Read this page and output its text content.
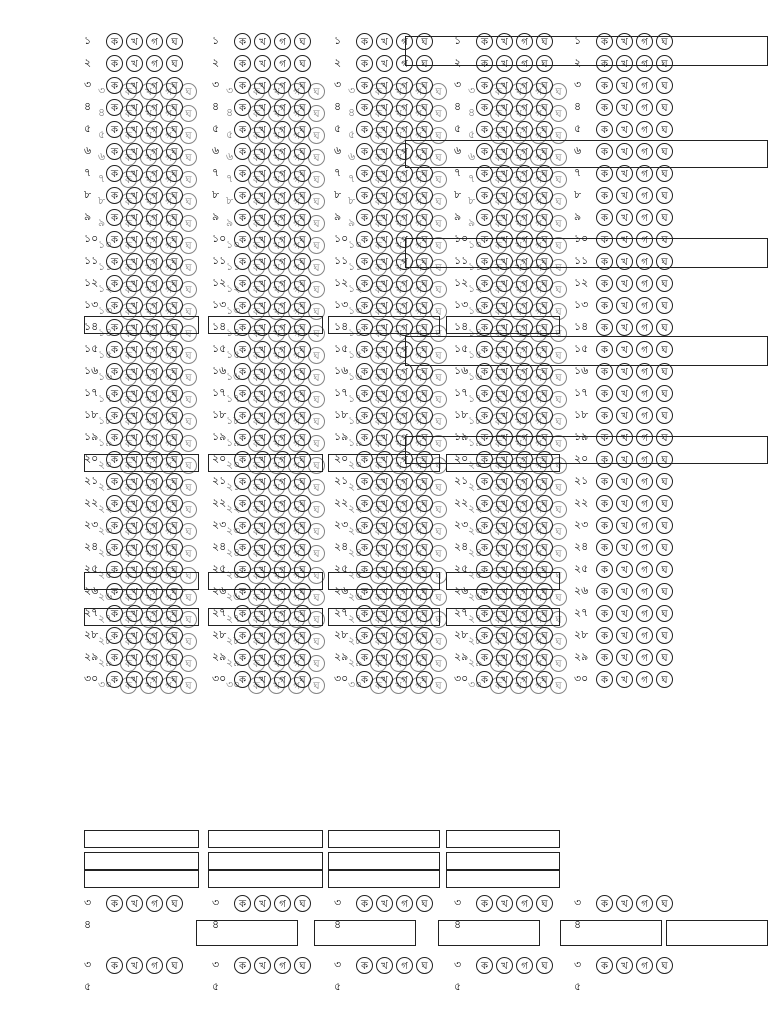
১	ক	খ	গ	ঘ	১	ক	খ	গ	ঘ	১	ক	খ	গ	ঘ	১	ক	খ	গ	ঘ	১	ক	খ	গ	ঘ
২	ক	খ	গ	ঘ	২	ক	খ	গ	ঘ	২	ক	খ	গ	ঘ	২	ক	খ	গ	ঘ	২	ক	খ	গ	ঘ
৩	ক	খ	গ	ঘ	৩	ক	খ	গ	ঘ	৩	ক	খ	গ	ঘ	৩	ক	খ	গ	ঘ	৩	ক	খ	গ	ঘ
৪	ক	খ	গ	ঘ	৪	ক	খ	গ	ঘ	৪	ক	খ	গ	ঘ	৪	ক	খ	গ	ঘ	৪	ক	খ	গ	ঘ
৫	ক	খ	গ	ঘ	৫	ক	খ	গ	ঘ	৫	ক	খ	গ	ঘ	৫	ক	খ	গ	ঘ	৫	ক	খ	গ	ঘ
৬	ক	খ	গ	ঘ	৬	ক	খ	গ	ঘ	৬	ক	খ	গ	ঘ	৬	ক	খ	গ	ঘ	৬	ক	খ	গ	ঘ
৭	ক	খ	গ	ঘ	৭	ক	খ	গ	ঘ	৭	ক	খ	গ	ঘ	৭	ক	খ	গ	ঘ	৭	ক	খ	গ	ঘ
৮	ক	খ	গ	ঘ	৮	ক	খ	গ	ঘ	৮	ক	খ	গ	ঘ	৮	ক	খ	গ	ঘ	৮	ক	খ	গ	ঘ
৯	ক	খ	গ	ঘ	৯	ক	খ	গ	ঘ	৯	ক	খ	গ	ঘ	৯	ক	খ	গ	ঘ	৯	ক	খ	গ	ঘ
১০	ক	খ	গ	ঘ	১০	ক	খ	গ	ঘ	১০	ক	খ	গ	ঘ	১০	ক	খ	গ	ঘ	১০	ক	খ	গ	ঘ
১১	ক	খ	গ	ঘ	১১	ক	খ	গ	ঘ	১১	ক	খ	গ	ঘ	১১	ক	খ	গ	ঘ	১১	ক	খ	গ	ঘ
১২	ক	খ	গ	ঘ	১২	ক	খ	গ	ঘ	১২	ক	খ	গ	ঘ	১২	ক	খ	গ	ঘ	১২	ক	খ	গ	ঘ
১৩	ক	খ	গ	ঘ	১৩	ক	খ	গ	ঘ	১৩	ক	খ	গ	ঘ	১৩	ক	খ	গ	ঘ	১৩	ক	খ	গ	ঘ
১৪	ক	খ	গ	ঘ	১৪	ক	খ	গ	ঘ	১৪	ক	খ	গ	ঘ	১৪	ক	খ	গ	ঘ	১৪	ক	খ	গ	ঘ
১৫	ক	খ	গ	ঘ	১৫	ক	খ	গ	ঘ	১৫	ক	খ	গ	ঘ	১৫	ক	খ	গ	ঘ	১৫	ক	খ	গ	ঘ
১৬	ক	খ	গ	ঘ	১৬	ক	খ	গ	ঘ	১৬	ক	খ	গ	ঘ	১৬	ক	খ	গ	ঘ	১৬	ক	খ	গ	ঘ
১৭	ক	খ	গ	ঘ	১৭	ক	খ	গ	ঘ	১৭	ক	খ	গ	ঘ	১৭	ক	খ	গ	ঘ	১৭	ক	খ	গ	ঘ
১৮	ক	খ	গ	ঘ	১৮	ক	খ	গ	ঘ	১৮	ক	খ	গ	ঘ	১৮	ক	খ	গ	ঘ	১৮	ক	খ	গ	ঘ
১৯	ক	খ	গ	ঘ	১৯	ক	খ	গ	ঘ	১৯	ক	খ	গ	ঘ	১৯	ক	খ	গ	ঘ	১৯	ক	খ	গ	ঘ
২০	ক	খ	গ	ঘ	২০	ক	খ	গ	ঘ	২০	ক	খ	গ	ঘ	২০	ক	খ	গ	ঘ	২০	ক	খ	গ	ঘ
২১	ক	খ	গ	ঘ	২১	ক	খ	গ	ঘ	২১	ক	খ	গ	ঘ	২১	ক	খ	গ	ঘ	২১	ক	খ	গ	ঘ
২২	ক	খ	গ	ঘ	২২	ক	খ	গ	ঘ	২২	ক	খ	গ	ঘ	২২	ক	খ	গ	ঘ	২২	ক	খ	গ	ঘ
২৩	ক	খ	গ	ঘ	২৩	ক	খ	গ	ঘ	২৩	ক	খ	গ	ঘ	২৩	ক	খ	গ	ঘ	২৩	ক	খ	গ	ঘ
২৪	ক	খ	গ	ঘ	২৪	ক	খ	গ	ঘ	২৪	ক	খ	গ	ঘ	২৪	ক	খ	গ	ঘ	২৪	ক	খ	গ	ঘ
২৫	ক	খ	গ	ঘ	২৫	ক	খ	গ	ঘ	২৫	ক	খ	গ	ঘ	২৫	ক	খ	গ	ঘ	২৫	ক	খ	গ	ঘ
২৬	ক	খ	গ	ঘ	২৬	ক	খ	গ	ঘ	২৬	ক	খ	গ	ঘ	২৬	ক	খ	গ	ঘ	২৬	ক	খ	গ	ঘ
২৭	ক	খ	গ	ঘ	২৭	ক	খ	গ	ঘ	২৭	ক	খ	গ	ঘ	২৭	ক	খ	গ	ঘ	২৭	ক	খ	গ	ঘ
২৮	ক	খ	গ	ঘ	২৮	ক	খ	গ	ঘ	২৮	ক	খ	গ	ঘ	২৮	ক	খ	গ	ঘ	২৮	ক	খ	গ	ঘ
২৯	ক	খ	গ	ঘ	২৯	ক	খ	গ	ঘ	২৯	ক	খ	গ	ঘ	২৯	ক	খ	গ	ঘ	২৯	ক	খ	গ	ঘ
৩০	ক	খ	গ	ঘ	৩০	ক	খ	গ	ঘ	৩০	ক	খ	গ	ঘ	৩০	ক	খ	গ	ঘ	৩০	ক	খ	গ	ঘ
৩	ক	খ	গ	ঘ	৩	ক	খ	গ	ঘ	৩	ক	খ	গ	ঘ	৩	ক	খ	গ	ঘ
৪	ক	খ	গ	ঘ	৪	ক	খ	গ	ঘ	৪	ক	খ	গ	ঘ	৪	ক	খ	গ	ঘ
৫	ক	খ	গ	ঘ	৫	ক	খ	গ	ঘ	৫	ক	খ	গ	ঘ	৫	ক	খ	গ	ঘ
৬	ক	খ	গ	ঘ	৬	ক	খ	গ	ঘ	৬	ক	খ	গ	ঘ	৬	ক	খ	গ	ঘ
৭	ক	খ	গ	ঘ	৭	ক	খ	গ	ঘ	৭	ক	খ	গ	ঘ	৭	ক	খ	গ	ঘ
৮	ক	খ	গ	ঘ	৮	ক	খ	গ	ঘ	৮	ক	খ	গ	ঘ	৮	ক	খ	গ	ঘ
৯	ক	খ	গ	ঘ	৯	ক	খ	গ	ঘ	৯	ক	খ	গ	ঘ	৯	ক	খ	গ	ঘ
১০	ক	খ	গ	ঘ	১০	ক	খ	গ	ঘ	১০	ক	খ	গ	ঘ	১০	ক	খ	গ	ঘ
১১	ক	খ	গ	ঘ	১১	ক	খ	গ	ঘ	১১	ক	খ	গ	ঘ	১১	ক	খ	গ	ঘ
১২	ক	খ	গ	ঘ	১২	ক	খ	গ	ঘ	১২	ক	খ	গ	ঘ	১২	ক	খ	গ	ঘ
১৩	ক	খ	গ	ঘ	১৩	ক	খ	গ	ঘ	১৩	ক	খ	গ	ঘ	১৩	ক	খ	গ	ঘ
১৪	ক	খ	গ	ঘ	১৪	ক	খ	গ	ঘ	১৪	ক	খ	গ	ঘ	১৪	ক	খ	গ	ঘ
১৫	ক	খ	গ	ঘ	১৫	ক	খ	গ	ঘ	১৫	ক	খ	গ	ঘ	১৫	ক	খ	গ	ঘ
১৬	ক	খ	গ	ঘ	১৬	ক	খ	গ	ঘ	১৬	ক	খ	গ	ঘ	১৬	ক	খ	গ	ঘ
১৭	ক	খ	গ	ঘ	১৭	ক	খ	গ	ঘ	১৭	ক	খ	গ	ঘ	১৭	ক	খ	গ	ঘ
১৮	ক	খ	গ	ঘ	১৮	ক	খ	গ	ঘ	১৮	ক	খ	গ	ঘ	১৮	ক	খ	গ	ঘ
১৯	ক	খ	গ	ঘ	১৯	ক	খ	গ	ঘ	১৯	ক	খ	গ	ঘ	১৯	ক	খ	গ	ঘ
২০	ক	খ	গ	ঘ	২০	ক	খ	গ	ঘ	২০	ক	খ	গ	ঘ	২০	ক	খ	গ	ঘ
২১	ক	খ	গ	ঘ	২১	ক	খ	গ	ঘ	২১	ক	খ	গ	ঘ	২১	ক	খ	গ	ঘ
২২	ক	খ	গ	ঘ	২২	ক	খ	গ	ঘ	২২	ক	খ	গ	ঘ	২২	ক	খ	গ	ঘ
২৩	ক	খ	গ	ঘ	২৩	ক	খ	গ	ঘ	২৩	ক	খ	গ	ঘ	২৩	ক	খ	গ	ঘ
২৪	ক	খ	গ	ঘ	২৪	ক	খ	গ	ঘ	২৪	ক	খ	গ	ঘ	২৪	ক	খ	গ	ঘ
২৫	ক	খ	গ	ঘ	২৫	ক	খ	গ	ঘ	২৫	ক	খ	গ	ঘ	২৫	ক	খ	গ	ঘ
২৬	ক	খ	গ	ঘ	২৬	ক	খ	গ	ঘ	২৬	ক	খ	গ	ঘ	২৬	ক	খ	গ	ঘ
২৭	ক	খ	গ	ঘ	২৭	ক	খ	গ	ঘ	২৭	ক	খ	গ	ঘ	২৭	ক	খ	গ	ঘ
২৮	ক	খ	গ	ঘ	২৮	ক	খ	গ	ঘ	২৮	ক	খ	গ	ঘ	২৮	ক	খ	গ	ঘ
২৯	ক	খ	গ	ঘ	২৯	ক	খ	গ	ঘ	২৯	ক	খ	গ	ঘ	২৯	ক	খ	গ	ঘ
৩০	ক	খ	গ	ঘ	৩০	ক	খ	গ	ঘ	৩০	ক	খ	গ	ঘ	৩০	ক	খ	গ	ঘ
৩	ক	খ	গ	ঘ
৪
৩	ক	খ	গ	ঘ
৪
৩	ক	খ	গ	ঘ
৪
৩	ক	খ	গ	ঘ
৪
৩	ক	খ	গ	ঘ
৪
৩	ক	খ	গ	ঘ
৫
৩	ক	খ	গ	ঘ
৫
৩	ক	খ	গ	ঘ
৫
৩	ক	খ	গ	ঘ
৫
৩	ক	খ	গ	ঘ
৫
